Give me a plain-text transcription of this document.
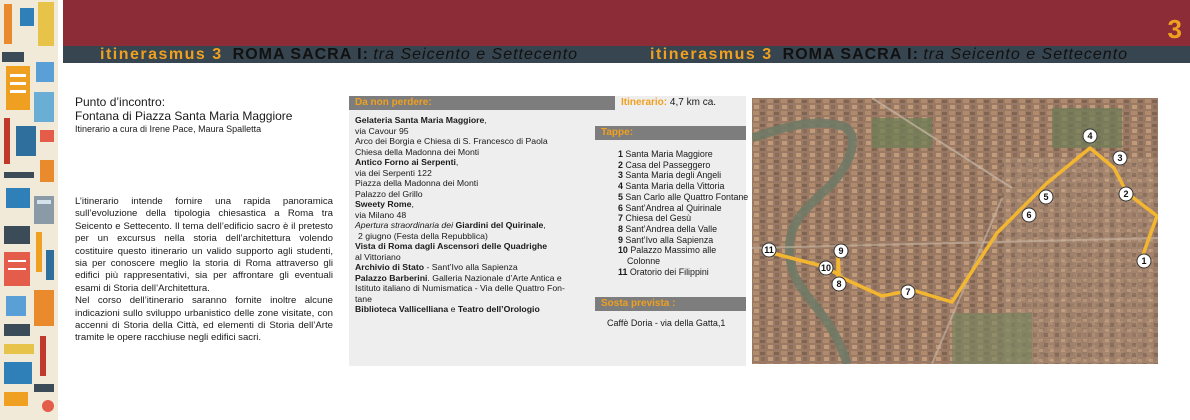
3
itinerasmus 3 ROMA SACRA I: tra Seicento e Settecento	itinerasmus 3 ROMA SACRA I: tra Seicento e Settecento
Punto d’incontro:
Fontana di Piazza Santa Maria Maggiore
Itinerario a cura di Irene Pace, Maura Spalletta

L’itinerario intende fornire una rapida panoramica sull’evoluzione della tipologia chiesastica a Roma tra Seicento e Settecento. Il tema dell’edificio sacro è il pretesto per un excursus nella storia dell’architettura volendo costituire questo itinerario un valido supporto agli studenti, sia per conoscere meglio la storia di Roma attraverso gli edifici più rappresentativi, sia per affrontare gli eventuali esami di Storia dell’Architettura.

Nel corso dell’itinerario saranno fornite inoltre alcune indicazioni sullo sviluppo urbanistico delle zone visitate, con accenni di Storia della Città, ed elementi di Storia dell’Arte tramite le opere racchiuse negli edifici sacri.

Da non perdere:	Itinerario: 4,7 km ca.
Gelateria Santa Maria Maggiore,
via Cavour 95
Arco dei Borgia e Chiesa di S. Francesco di Paola
Chiesa della Madonna dei Monti
Antico Forno ai Serpenti,
via dei Serpenti 122
Piazza della Madonna dei Monti
Palazzo del Grillo
Sweety Rome,
via Milano 48
Apertura straordinaria dei Giardini del Quirinale,
2 giugno (Festa della Repubblica)
Vista di Roma dagli Ascensori delle Quadrighe
al Vittoriano
Archivio di Stato - Sant’Ivo alla Sapienza
Palazzo Barberini. Galleria Nazionale d’Arte Antica e
Istituto italiano di Numismatica - Via delle Quattro Fon-
tane
Biblioteca Vallicelliana e Teatro dell’Orologio
Tappe:
1 Santa Maria Maggiore
2 Casa del Passeggero
3 Santa Maria degli Angeli
4 Santa Maria della Vittoria
5 San Carlo alle Quattro Fontane
6 Sant’Andrea al Quirinale
7 Chiesa del Gesù
8 Sant’Andrea della Valle
9 Sant’Ivo alla Sapienza
10 Palazzo Massimo alle
Colonne
11 Oratorio dei Filippini
Sosta prevista :
Caffè Doria - via della Gatta,1
1
2
3
4
5
6
7
8
9
10
11
